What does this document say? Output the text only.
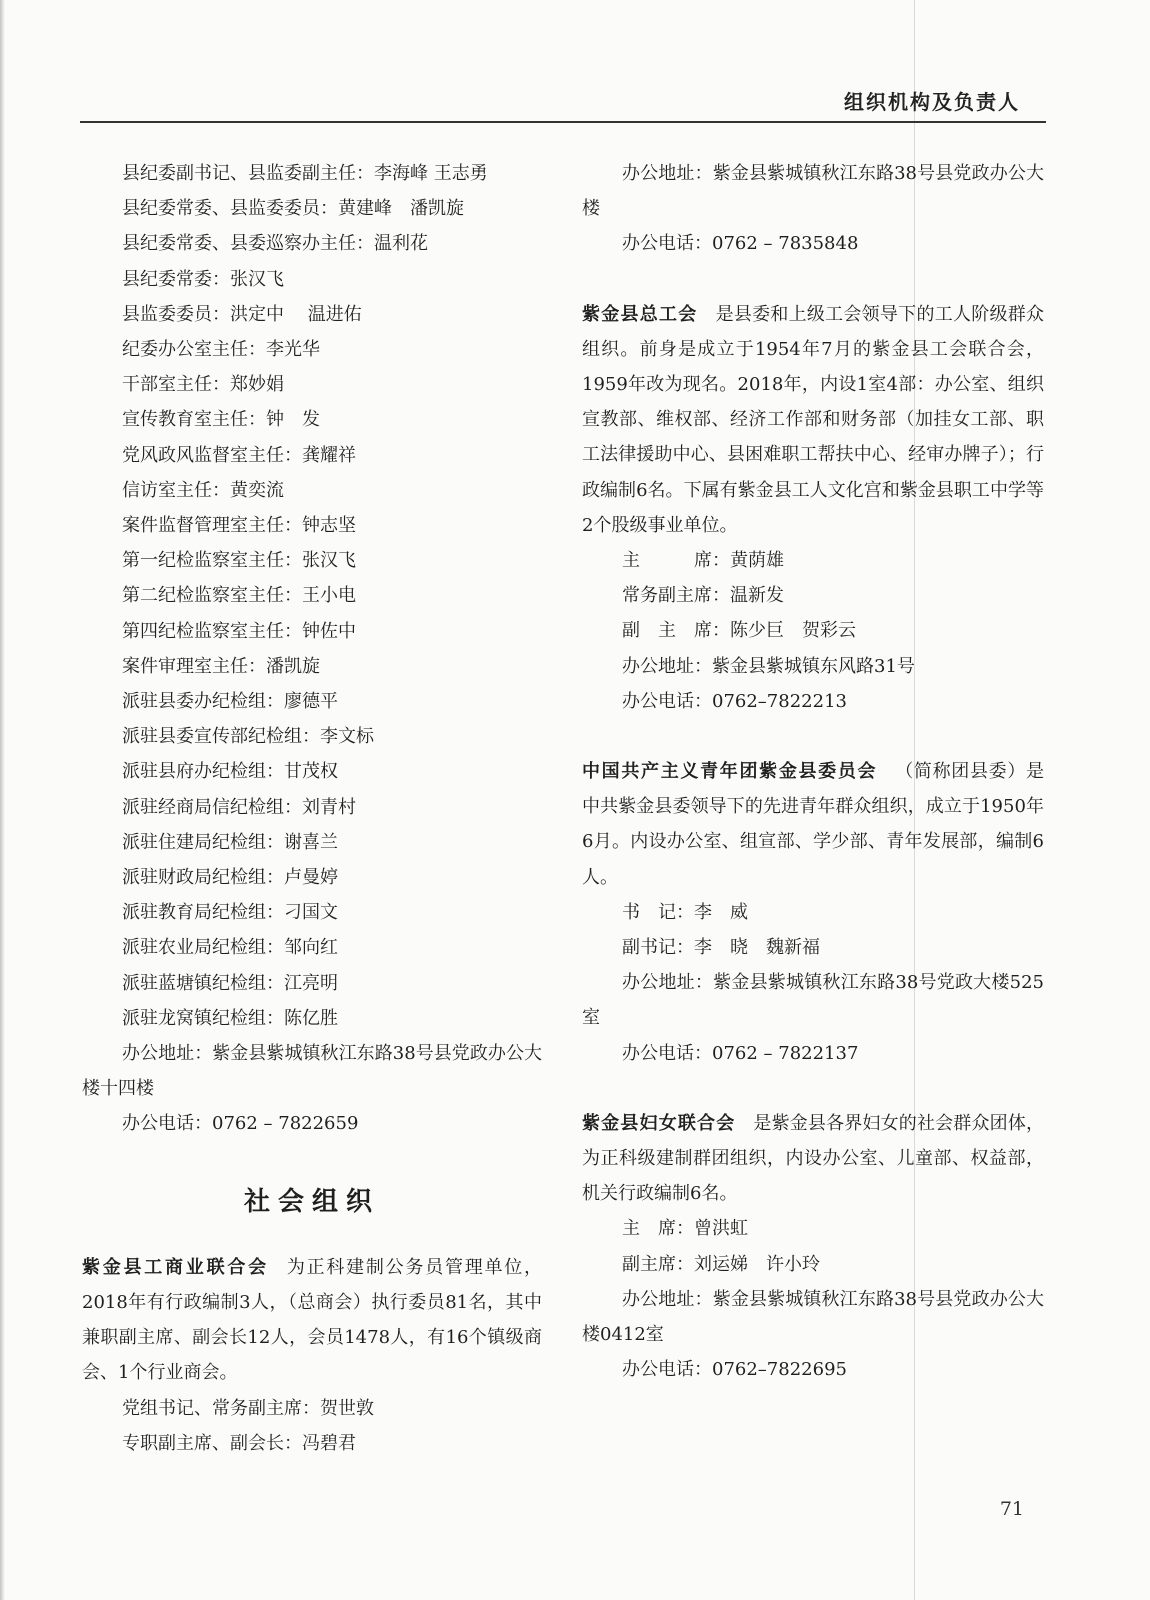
组织机构及负责人
县纪委副书记、县监委副主任：李海峰 王志勇
县纪委常委、县监委委员：黄建峰　潘凯旋
县纪委常委、县委巡察办主任：温利花
县纪委常委：张汉飞
县监委委员：洪定中　 温进佑
纪委办公室主任：李光华
干部室主任：郑妙娟
宣传教育室主任：钟　发
党风政风监督室主任：龚耀祥
信访室主任：黄奕流
案件监督管理室主任：钟志坚
第一纪检监察室主任：张汉飞
第二纪检监察室主任：王小电
第四纪检监察室主任：钟佐中
案件审理室主任：潘凯旋
派驻县委办纪检组：廖德平
派驻县委宣传部纪检组：李文标
派驻县府办纪检组：甘茂权
派驻经商局信纪检组：刘青村
派驻住建局纪检组：谢喜兰
派驻财政局纪检组：卢曼婷
派驻教育局纪检组：刁国文
派驻农业局纪检组：邹向红
派驻蓝塘镇纪检组：江亮明
派驻龙窝镇纪检组：陈亿胜
办公地址：紫金县紫城镇秋江东路38号县党政办公大楼十四楼
办公电话：0762 – 7822659
社会组织
紫金县工商业联合会 为正科建制公务员管理单位，2018年有行政编制3人，（总商会）执行委员81名，其中兼职副主席、副会长12人，会员1478人，有16个镇级商会、1个行业商会。
党组书记、常务副主席：贺世敦
专职副主席、副会长：冯碧君
办公地址：紫金县紫城镇秋江东路38号县党政办公大楼
办公电话：0762 – 7835848
紫金县总工会 是县委和上级工会领导下的工人阶级群众组织。前身是成立于1954年7月的紫金县工会联合会，1959年改为现名。2018年，内设1室4部：办公室、组织宣教部、维权部、经济工作部和财务部（加挂女工部、职工法律援助中心、县困难职工帮扶中心、经审办牌子）；行政编制6名。下属有紫金县工人文化宫和紫金县职工中学等2个股级事业单位。
主　　　席：黄荫雄
常务副主席：温新发
副　主　席：陈少巨　贺彩云
办公地址：紫金县紫城镇东风路31号
办公电话：0762–7822213
中国共产主义青年团紫金县委员会 （简称团县委）是中共紫金县委领导下的先进青年群众组织，成立于1950年6月。内设办公室、组宣部、学少部、青年发展部，编制6人。
书　记：李　威
副书记：李　晓　魏新福
办公地址：紫金县紫城镇秋江东路38号党政大楼525室
办公电话：0762 – 7822137
紫金县妇女联合会 是紫金县各界妇女的社会群众团体，为正科级建制群团组织，内设办公室、儿童部、权益部，机关行政编制6名。
主　席：曾洪虹
副主席：刘运娣　许小玲
办公地址：紫金县紫城镇秋江东路38号县党政办公大楼0412室
办公电话：0762–7822695
71
